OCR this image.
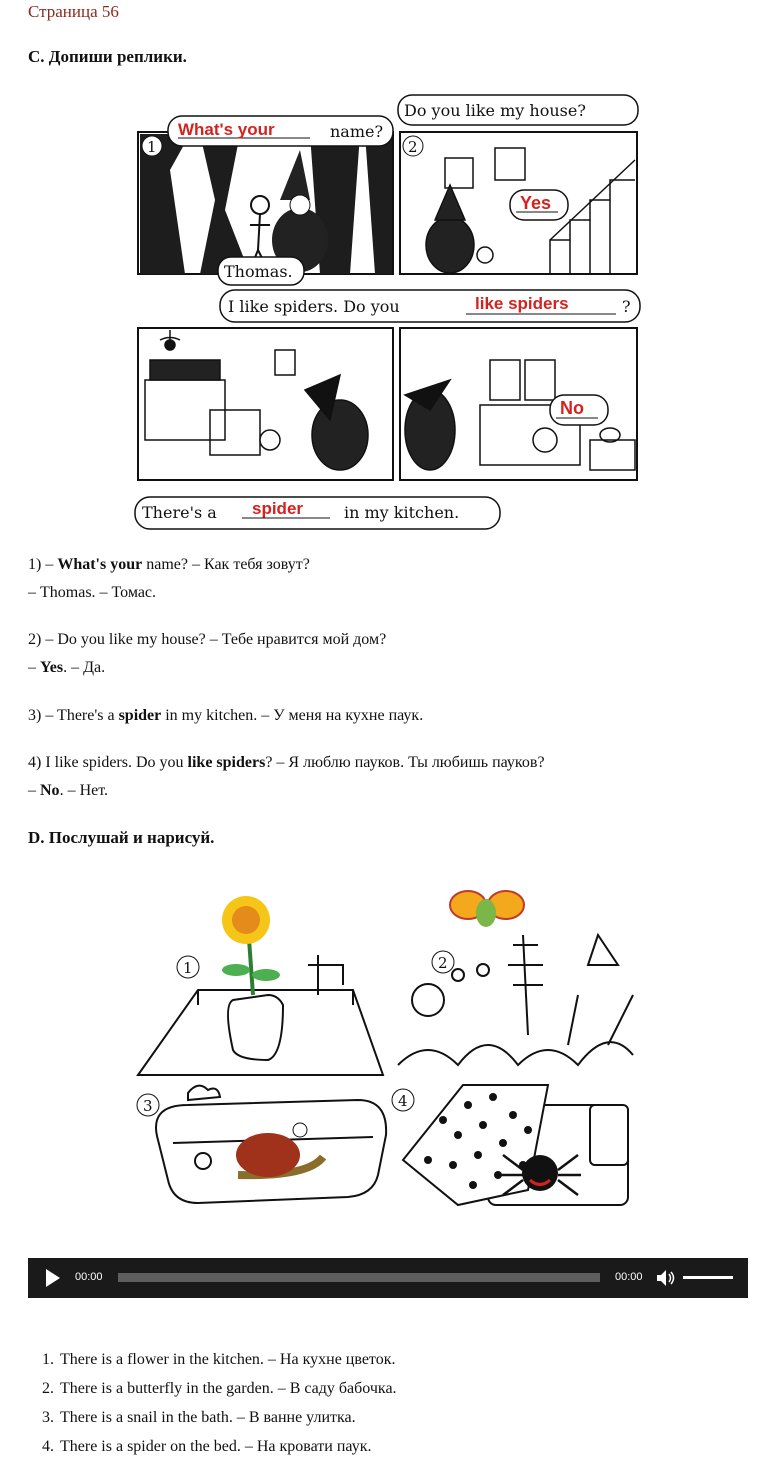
Страница 56
C. Допиши реплики.
1	2
What's your	name?
Do you like my house?
Thomas.
Yes
I like spiders. Do you	like spiders	?
No
There's a spider	in my kitchen.
1) – What's your name? – Как тебя зовут?
– Thomas. – Томас.
2) – Do you like my house? – Тебе нравится мой дом?
– Yes. – Да.
3) – There's a spider in my kitchen. – У меня на кухне паук.
4) I like spiders. Do you like spiders? – Я люблю пауков. Ты любишь пауков?
– No. – Нет.
D. Послушай и нарисуй.
1	2
3	4
00:00	00:00
1. There is a flower in the kitchen. – На кухне цветок.
2. There is a butterfly in the garden. – В саду бабочка.
3. There is a snail in the bath. – В ванне улитка.
4. There is a spider on the bed. – На кровати паук.
